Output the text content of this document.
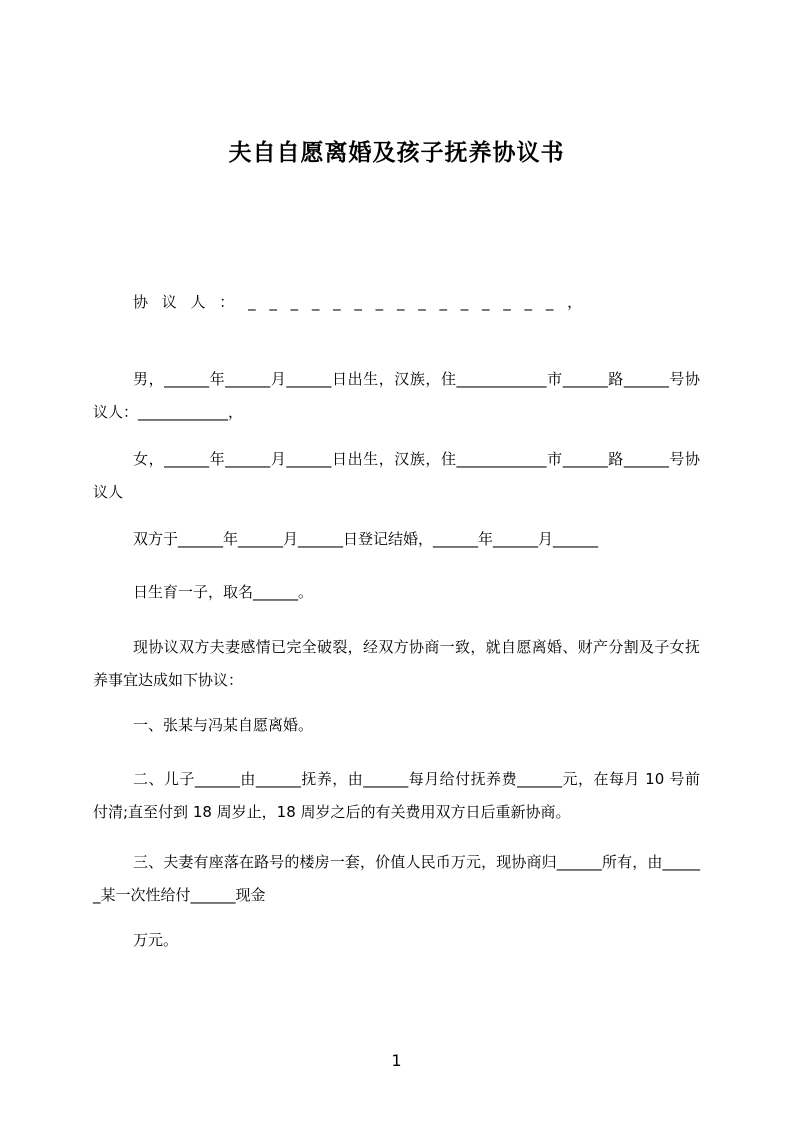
夫自自愿离婚及孩子抚养协议书

协 议 人 ： _ _ _ _ _ _ _ _ _ _ _ _ _ _ _ ，

男，______年______月______日出生，汉族，住____________市______路______号协议人：____________，

女，______年______月______日出生，汉族，住____________市______路______号协议人

双方于______年______月______日登记结婚，______年______月______

日生育一子，取名______。

现协议双方夫妻感情已完全破裂，经双方协商一致，就自愿离婚、财产分割及子女抚养事宜达成如下协议：

一、张某与冯某自愿离婚。

二、儿子______由______抚养，由______每月给付抚养费______元，在每月 10 号前付清;直至付到 18 周岁止，18 周岁之后的有关费用双方日后重新协商。

三、夫妻有座落在路号的楼房一套，价值人民币万元，现协商归______所有，由______某一次性给付______现金

万元。

1
